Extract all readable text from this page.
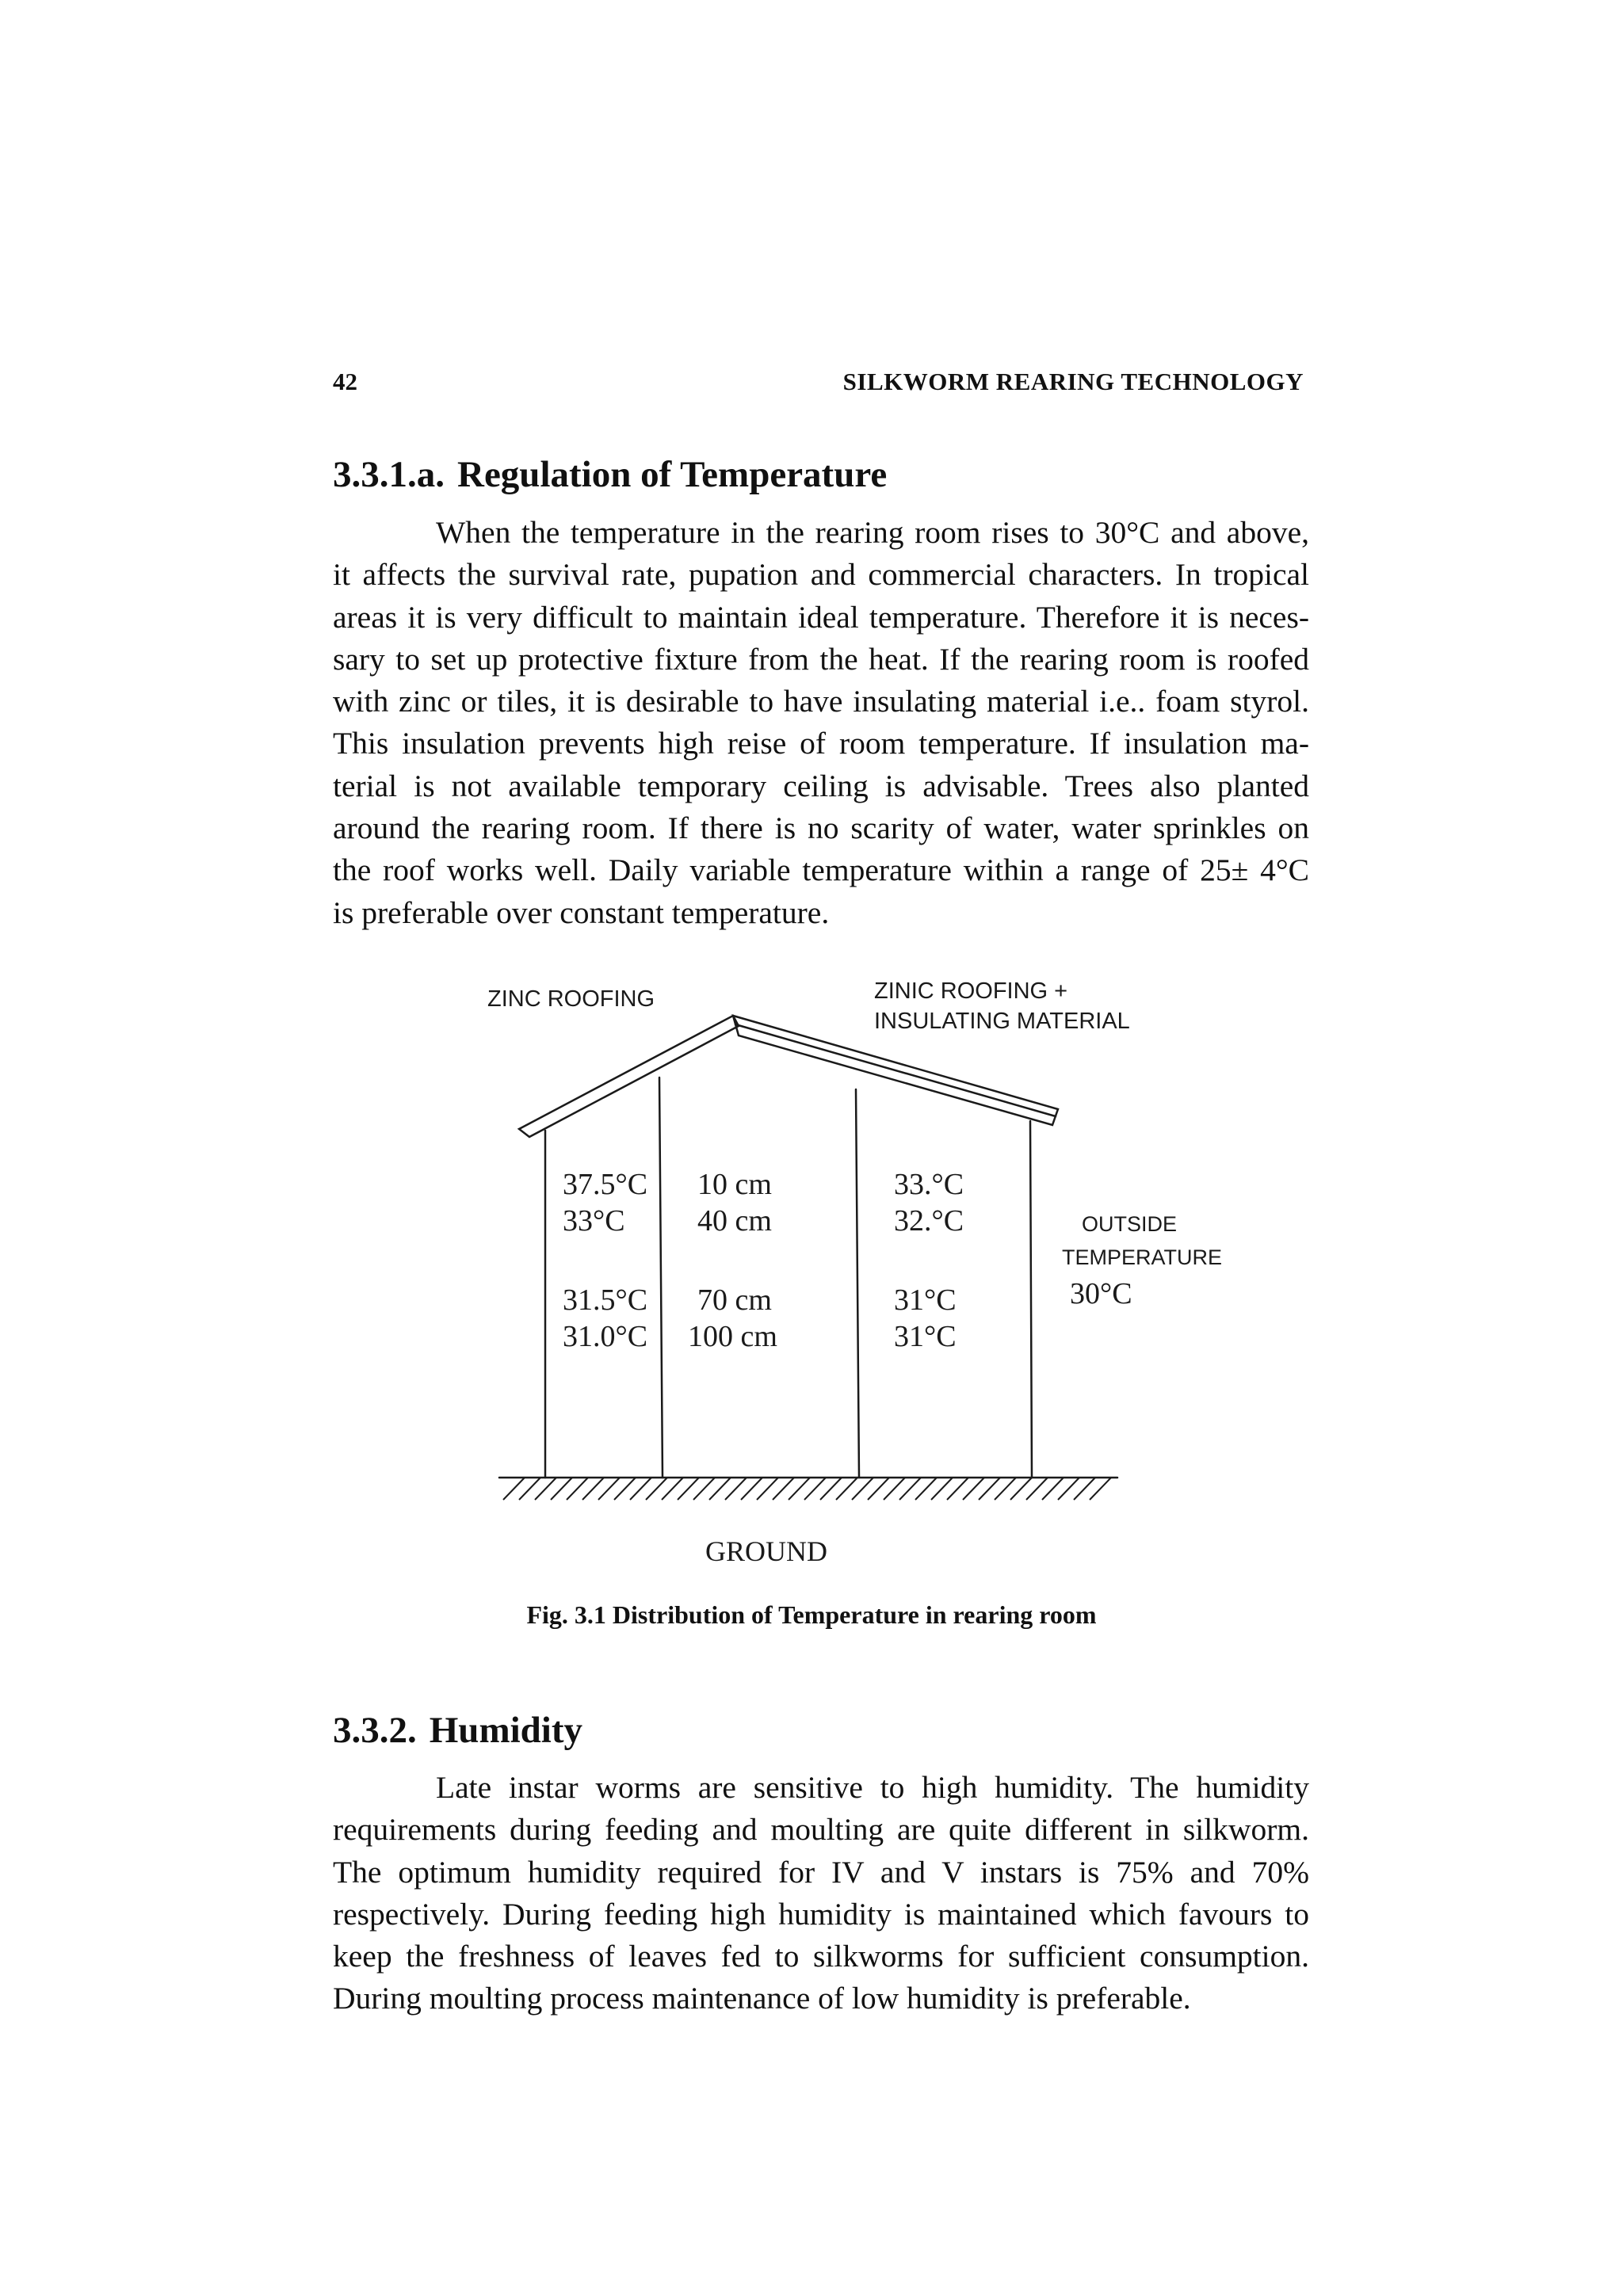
42	SILKWORM REARING TECHNOLOGY
3.3.1.a. Regulation of Temperature
When the temperature in the rearing room rises to 30°C and above,
it affects the survival rate, pupation and commercial characters. In tropical
areas it is very difficult to maintain ideal temperature. Therefore it is neces-
sary to set up protective fixture from the heat. If the rearing room is roofed
with zinc or tiles, it is desirable to have insulating material i.e.. foam styrol.
This insulation prevents high reise of room temperature. If insulation ma-
terial is not available temporary ceiling is advisable. Trees also planted
around the rearing room. If there is no scarity of water, water sprinkles on
the roof works well. Daily variable temperature within a range of 25± 4°C
is preferable over constant temperature.
ZINC ROOFING	ZINIC ROOFING +
INSULATING MATERIAL
37.5°C
33°C
31.5°C
31.0°C
10 cm
40 cm
70 cm
100 cm
33.°C
32.°C
31°C
31°C
OUTSIDE
TEMPERATURE
30°C
GROUND
Fig. 3.1 Distribution of Temperature in rearing room
3.3.2. Humidity
Late instar worms are sensitive to high humidity. The humidity
requirements during feeding and moulting are quite different in silkworm.
The optimum humidity required for IV and V instars is 75% and 70%
respectively. During feeding high humidity is maintained which favours to
keep the freshness of leaves fed to silkworms for sufficient consumption.
During moulting process maintenance of low humidity is preferable.
